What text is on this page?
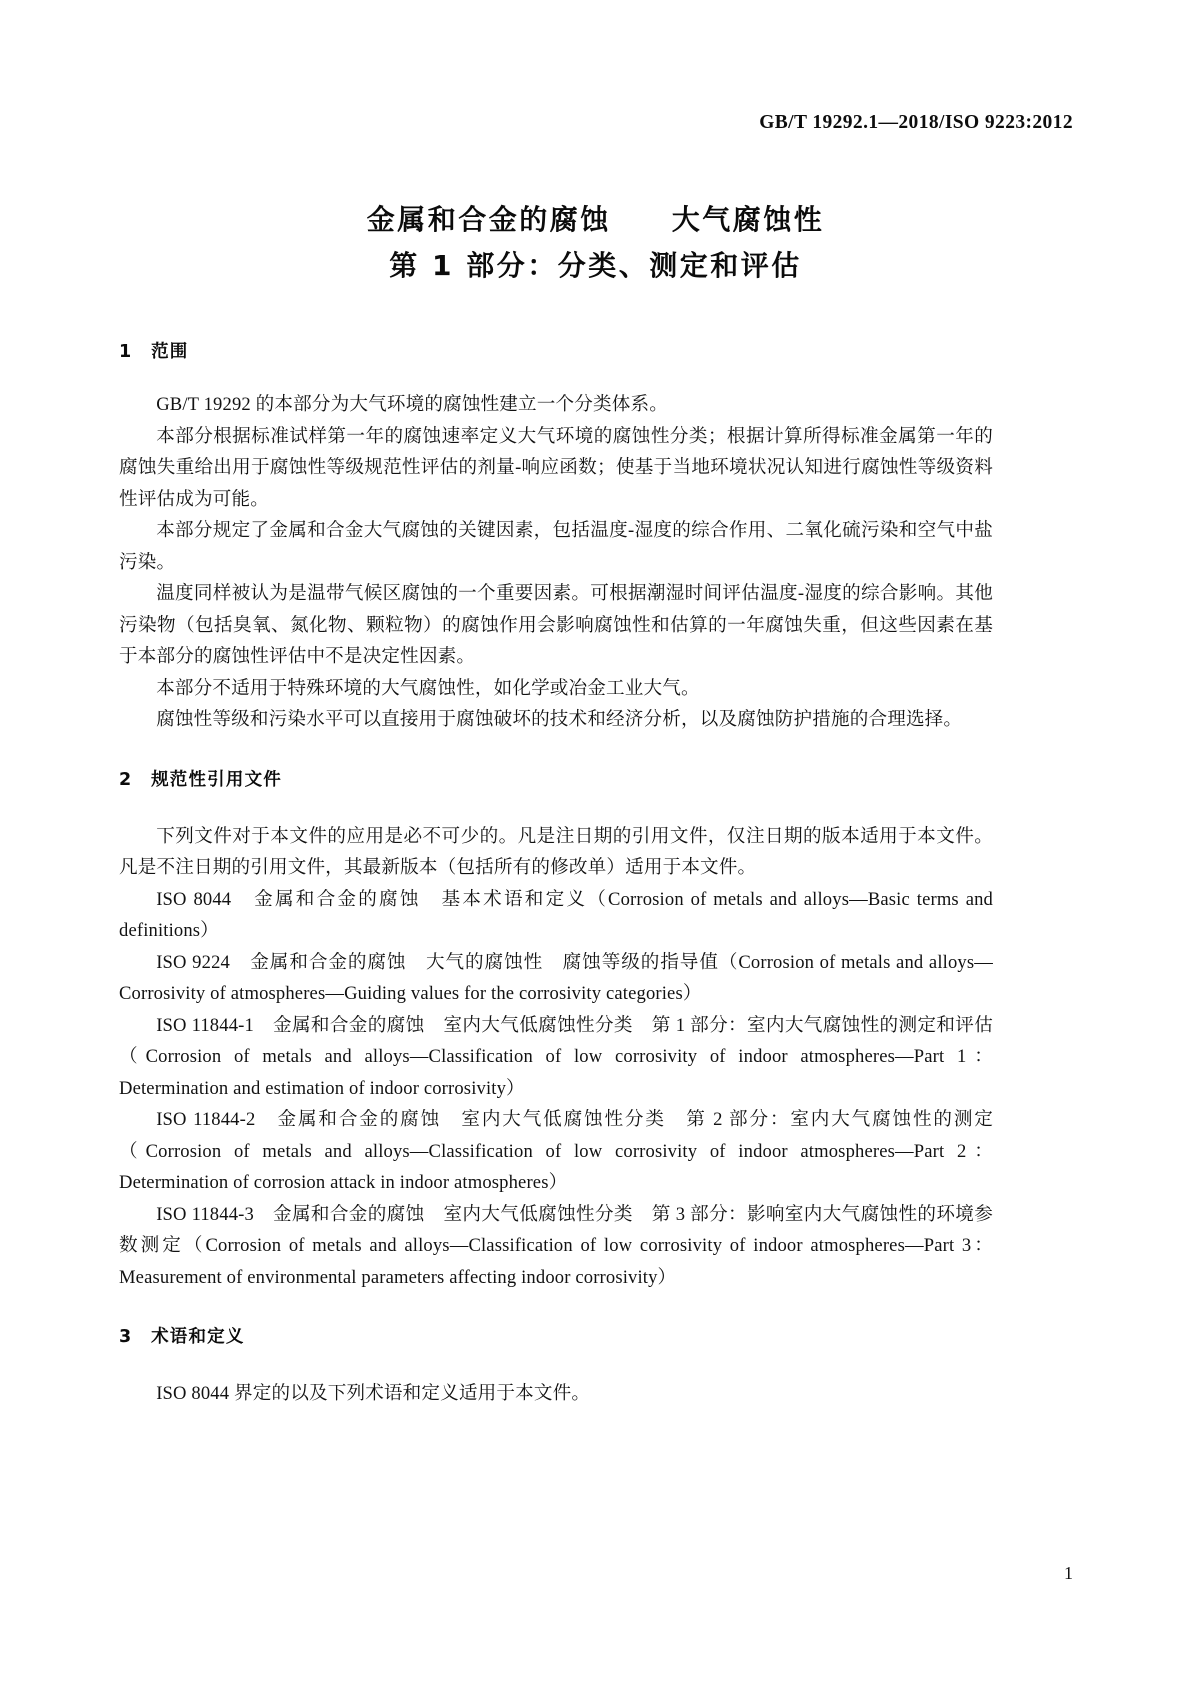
GB/T 19292.1—2018/ISO 9223:2012
金属和合金的腐蚀　　大气腐蚀性
第 1 部分：分类、测定和评估
1　范围

GB/T 19292 的本部分为大气环境的腐蚀性建立一个分类体系。

本部分根据标准试样第一年的腐蚀速率定义大气环境的腐蚀性分类；根据计算所得标准金属第一年的腐蚀失重给出用于腐蚀性等级规范性评估的剂量-响应函数；使基于当地环境状况认知进行腐蚀性等级资料性评估成为可能。

本部分规定了金属和合金大气腐蚀的关键因素，包括温度-湿度的综合作用、二氧化硫污染和空气中盐污染。

温度同样被认为是温带气候区腐蚀的一个重要因素。可根据潮湿时间评估温度-湿度的综合影响。其他污染物（包括臭氧、氮化物、颗粒物）的腐蚀作用会影响腐蚀性和估算的一年腐蚀失重，但这些因素在基于本部分的腐蚀性评估中不是决定性因素。

本部分不适用于特殊环境的大气腐蚀性，如化学或冶金工业大气。

腐蚀性等级和污染水平可以直接用于腐蚀破坏的技术和经济分析，以及腐蚀防护措施的合理选择。

2　规范性引用文件

下列文件对于本文件的应用是必不可少的。凡是注日期的引用文件，仅注日期的版本适用于本文件。凡是不注日期的引用文件，其最新版本（包括所有的修改单）适用于本文件。

ISO 8044　金属和合金的腐蚀　基本术语和定义（Corrosion of metals and alloys—Basic terms and definitions）

ISO 9224　金属和合金的腐蚀　大气的腐蚀性　腐蚀等级的指导值（Corrosion of metals and alloys—Corrosivity of atmospheres—Guiding values for the corrosivity categories）

ISO 11844-1　金属和合金的腐蚀　室内大气低腐蚀性分类　第 1 部分：室内大气腐蚀性的测定和评估（Corrosion of metals and alloys—Classification of low corrosivity of indoor atmospheres—Part 1：Determination and estimation of indoor corrosivity）

ISO 11844-2　金属和合金的腐蚀　室内大气低腐蚀性分类　第 2 部分：室内大气腐蚀性的测定（Corrosion of metals and alloys—Classification of low corrosivity of indoor atmospheres—Part 2：Determination of corrosion attack in indoor atmospheres）

ISO 11844-3　金属和合金的腐蚀　室内大气低腐蚀性分类　第 3 部分：影响室内大气腐蚀性的环境参数测定（Corrosion of metals and alloys—Classification of low corrosivity of indoor atmospheres—Part 3：Measurement of environmental parameters affecting indoor corrosivity）

3　术语和定义

ISO 8044 界定的以及下列术语和定义适用于本文件。

1
